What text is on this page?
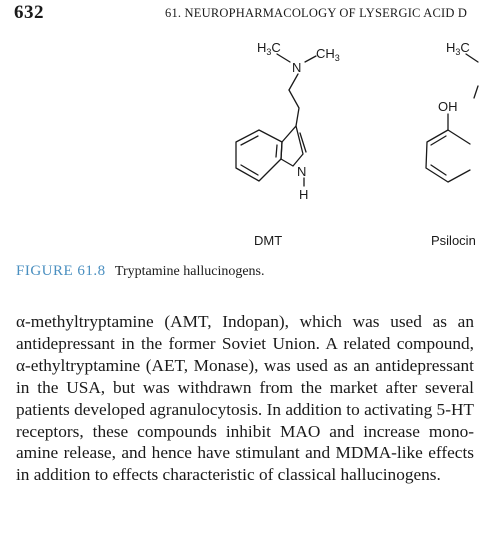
632	61. NEUROPHARMACOLOGY OF LYSERGIC ACID D
$H_3C$
N
$CH_3$
N
H
DMT
$H_3C$
OH
Psilocin
FIGURE 61.8 Tryptamine hallucinogens.
α-methyltryptamine (AMT, Indopan), which was used as an antidepressant in the former Soviet Union. A related compound, α-ethyltryptamine (AET, Monase), was used as an antidepressant in the USA, but was withdrawn from the market after several patients developed agranulocytosis. In addition to activating 5-HT receptors, these compounds inhibit MAO and increase monoamine release, and hence have stimulant and MDMA-like effects in addition to effects characteristic of classical hallucinogens.
